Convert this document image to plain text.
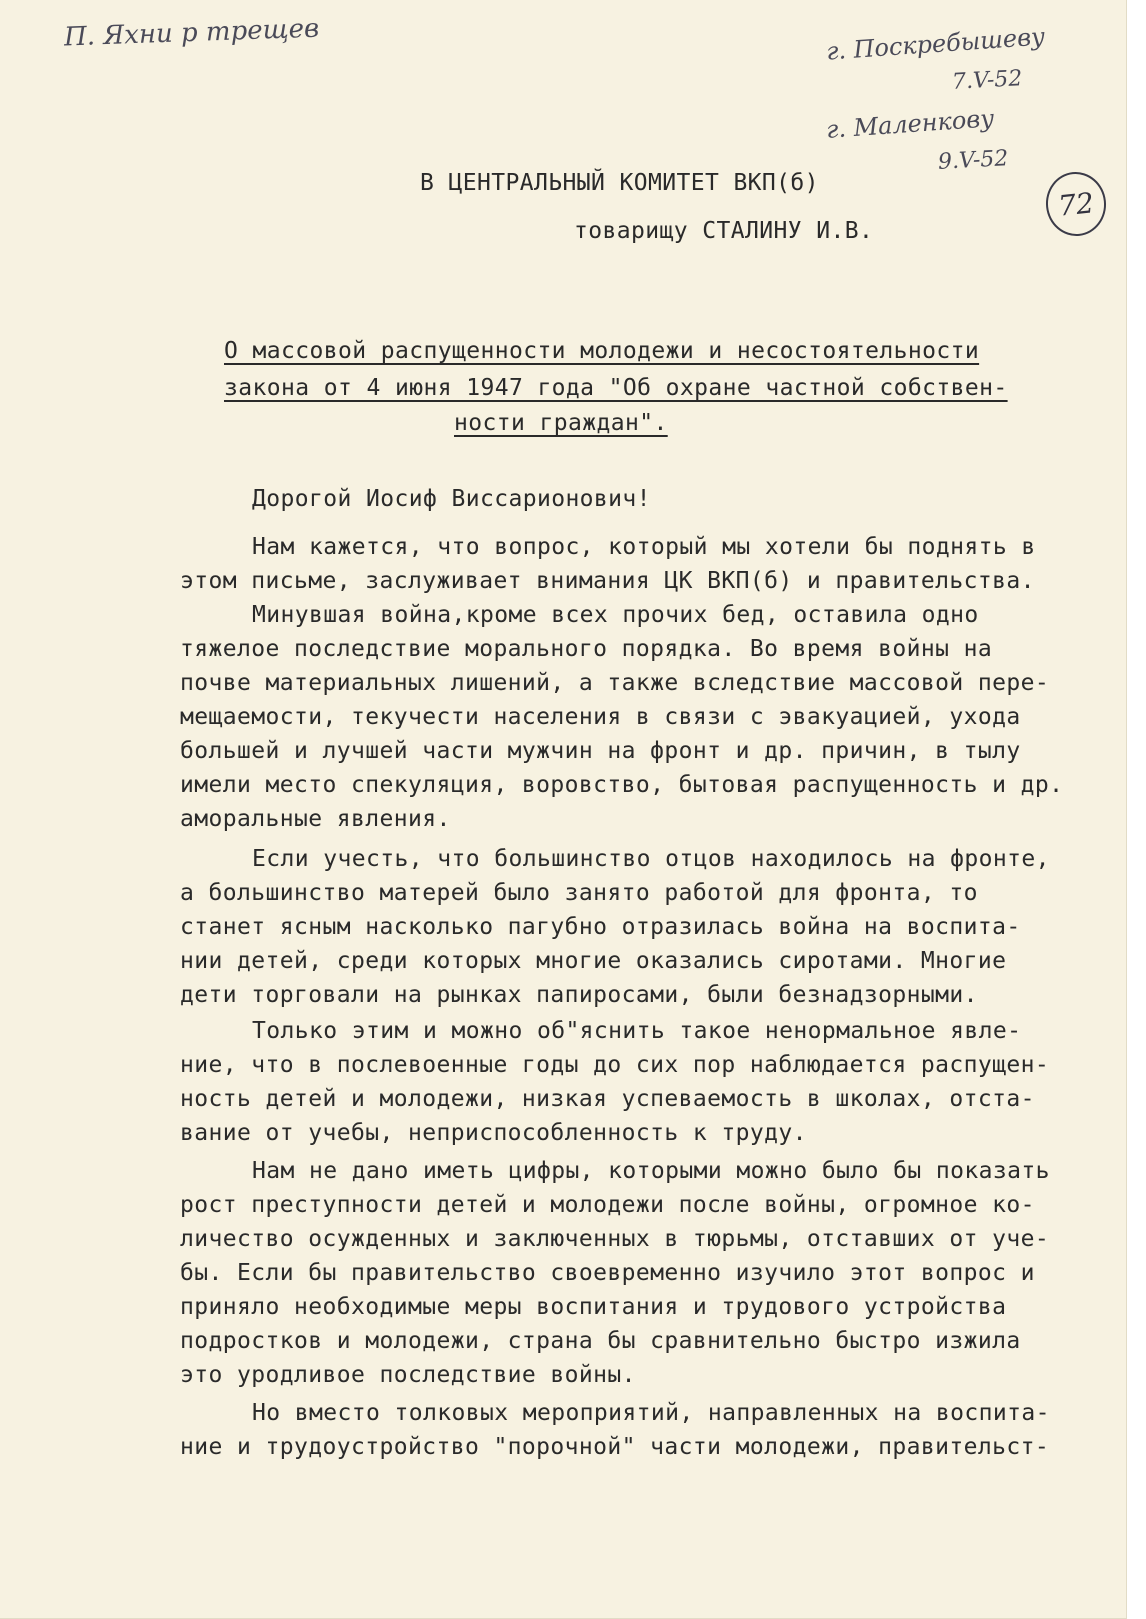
П. Яхни р трещев	г. Поскребышеву
7.V-52
г. Маленкову
9.V-52
72

В ЦЕНТРАЛЬНЫЙ КОМИТЕТ ВКП(б)

товарищу СТАЛИНУ И.В.

О массовой распущенности молодежи и несостоятельности

закона от 4 июня 1947 года "Об охране частной собствен-

ности граждан".

Дорогой Иосиф Виссарионович!

Нам кажется, что вопрос, который мы хотели бы поднять в

этом письме, заслуживает внимания ЦК ВКП(б) и правительства.

Минувшая война,кроме всех прочих бед, оставила одно

тяжелое последствие морального порядка. Во время войны на

почве материальных лишений, а также вследствие массовой пере-

мещаемости, текучести населения в связи с эвакуацией, ухода

большей и лучшей части мужчин на фронт и др. причин, в тылу

имели место спекуляция, воровство, бытовая распущенность и др.

аморальные явления.

Если учесть, что большинство отцов находилось на фронте,

а большинство матерей было занято работой для фронта, то

станет ясным насколько пагубно отразилась война на воспита-

нии детей, среди которых многие оказались сиротами. Многие

дети торговали на рынках папиросами, были безнадзорными.

Только этим и можно об"яснить такое ненормальное явле-

ние, что в послевоенные годы до сих пор наблюдается распущен-

ность детей и молодежи, низкая успеваемость в школах, отста-

вание от учебы, неприспособленность к труду.

Нам не дано иметь цифры, которыми можно было бы показать

рост преступности детей и молодежи после войны, огромное ко-

личество осужденных и заключенных в тюрьмы, отставших от уче-

бы. Если бы правительство своевременно изучило этот вопрос и

приняло необходимые меры воспитания и трудового устройства

подростков и молодежи, страна бы сравнительно быстро изжила

это уродливое последствие войны.

Но вместо толковых мероприятий, направленных на воспита-

ние и трудоустройство "порочной" части молодежи, правительст-
